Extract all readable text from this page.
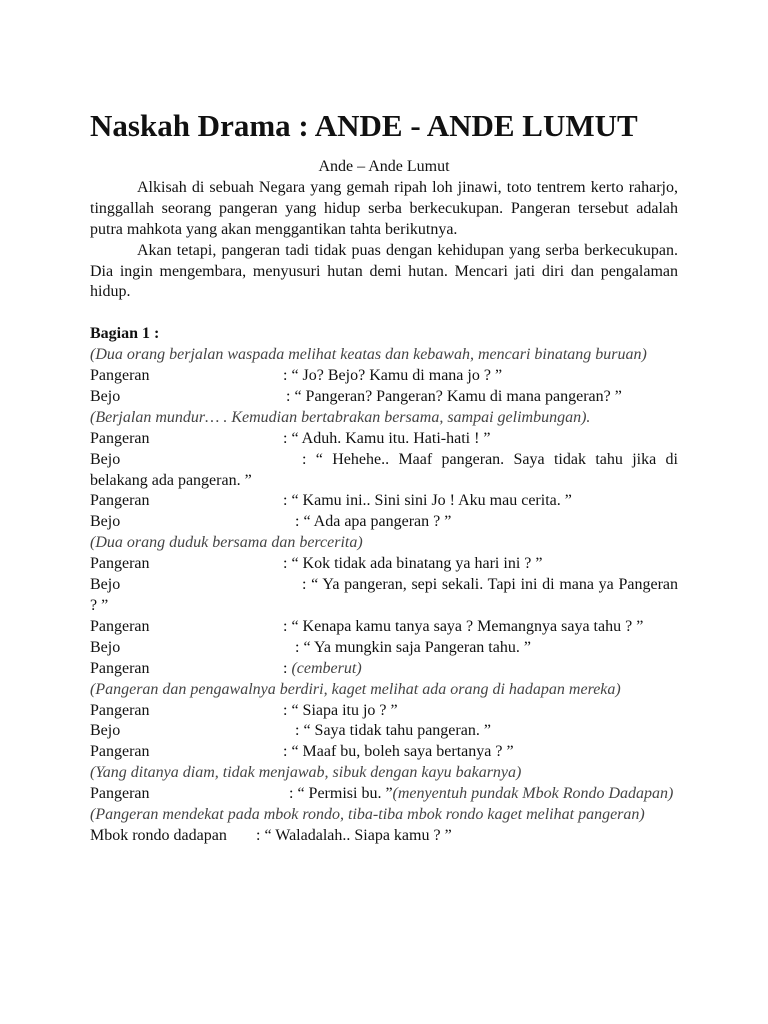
Naskah Drama : ANDE - ANDE LUMUT

Ande – Ande Lumut

Alkisah di sebuah Negara yang gemah ripah loh jinawi, toto tentrem kerto raharjo, tinggallah seorang pangeran yang hidup serba berkecukupan. Pangeran tersebut adalah putra mahkota yang akan menggantikan tahta berikutnya.

Akan tetapi, pangeran tadi tidak puas dengan kehidupan yang serba berkecukupan. Dia ingin mengembara, menyusuri hutan demi hutan. Mencari jati diri dan pengalaman hidup.

Bagian 1 :

(Dua orang berjalan waspada melihat keatas dan kebawah, mencari binatang buruan)

Pangeran	: “ Jo? Bejo? Kamu di mana jo ? ”

Bejo	: “ Pangeran? Pangeran? Kamu di mana pangeran? ”

(Berjalan mundur… . Kemudian bertabrakan bersama, sampai gelimbungan).

Pangeran	: “ Aduh. Kamu itu. Hati-hati ! ”

Bejo	: “ Hehehe.. Maaf pangeran. Saya tidak tahu jika di belakang ada pangeran. ”

Pangeran	: “ Kamu ini.. Sini sini Jo ! Aku mau cerita. ”

Bejo	: “ Ada apa pangeran ? ”

(Dua orang duduk bersama dan bercerita)

Pangeran	: “ Kok tidak ada binatang ya hari ini ? ”

Bejo	: “ Ya pangeran, sepi sekali. Tapi ini di mana ya Pangeran ? ”

Pangeran	: “ Kenapa kamu tanya saya ? Memangnya saya tahu ? ”

Bejo	: “ Ya mungkin saja Pangeran tahu. ”

Pangeran	: (cemberut)

(Pangeran dan pengawalnya berdiri, kaget melihat ada orang di hadapan mereka)

Pangeran	: “ Siapa itu jo ? ”

Bejo	: “ Saya tidak tahu pangeran. ”

Pangeran	: “ Maaf bu, boleh saya bertanya ? ”

(Yang ditanya diam, tidak menjawab, sibuk dengan kayu bakarnya)

Pangeran	: “ Permisi bu. ”(menyentuh pundak Mbok Rondo Dadapan)

(Pangeran mendekat pada mbok rondo, tiba-tiba mbok rondo kaget melihat pangeran)

Mbok rondo dadapan : “ Waladalah.. Siapa kamu ? ”
